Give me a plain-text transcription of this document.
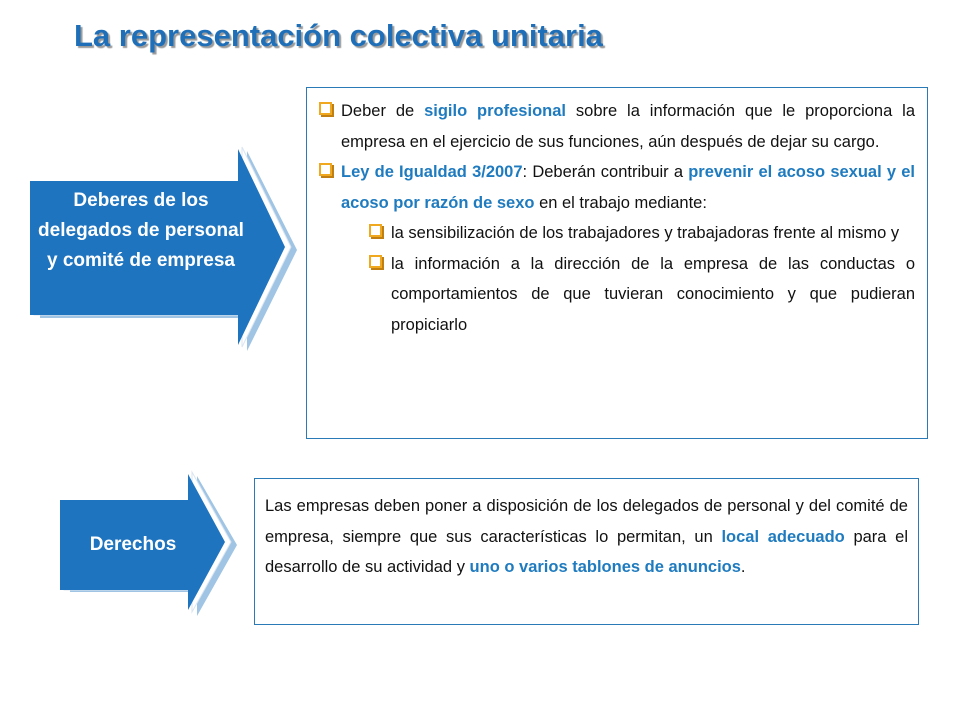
La representación colectiva unitaria
Deberes de los delegados de personal y comité de empresa
Deber de sigilo profesional sobre la información que le proporciona la empresa en el ejercicio de sus funciones, aún después de dejar su cargo.
Ley de Igualdad 3/2007: Deberán contribuir a prevenir el acoso sexual y el acoso por razón de sexo en el trabajo mediante:
la sensibilización de los trabajadores y trabajadoras frente al mismo y
la información a la dirección de la empresa de las conductas o comportamientos de que tuvieran conocimiento y que pudieran propiciarlo
Derechos
Las empresas deben poner a disposición de los delegados de personal y del comité de empresa, siempre que sus características lo permitan, un local adecuado para el desarrollo de su actividad y uno o varios tablones de anuncios.
